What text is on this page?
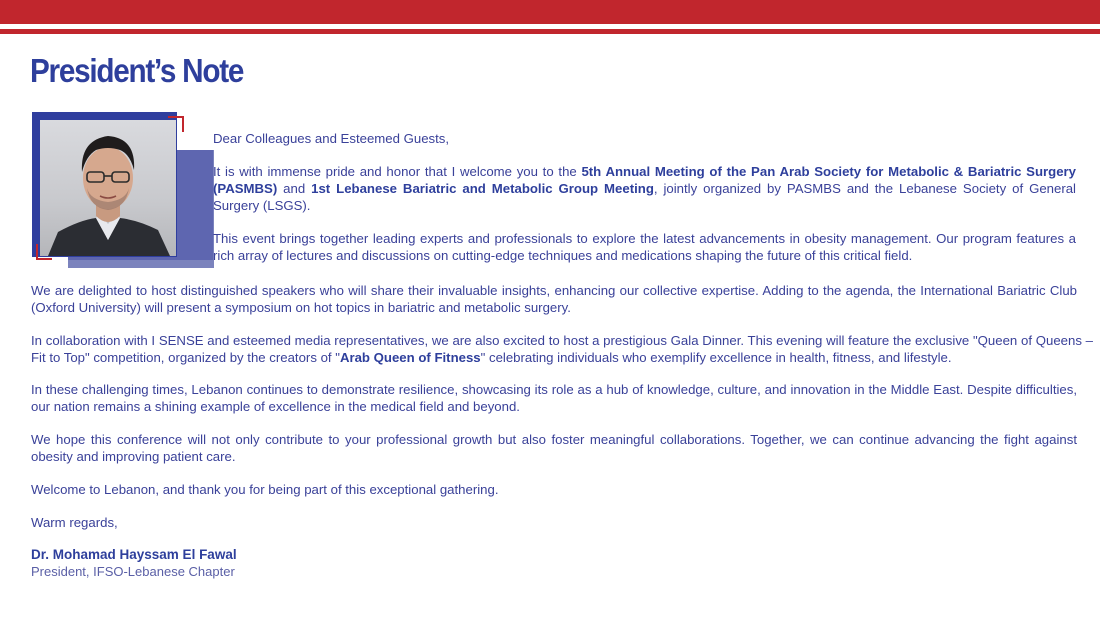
President’s Note

Dear Colleagues and Esteemed Guests,

It is with immense pride and honor that I welcome you to the 5th Annual Meeting of the Pan Arab Society for Metabolic & Bariatric Surgery (PASMBS) and 1st Lebanese Bariatric and Metabolic Group Meeting, jointly organized by PASMBS and the Lebanese Society of General Surgery (LSGS).

This event brings together leading experts and professionals to explore the latest advancements in obesity management. Our program features a rich array of lectures and discussions on cutting-edge techniques and medications shaping the future of this critical field.

We are delighted to host distinguished speakers who will share their invaluable insights, enhancing our collective expertise. Adding to the agenda, the International Bariatric Club (Oxford University) will present a symposium on hot topics in bariatric and metabolic surgery.

In collaboration with I SENSE and esteemed media representatives, we are also excited to host a prestigious Gala Dinner. This evening will feature the exclusive "Queen of Queens – Fit to Top" competition, organized by the creators of "Arab Queen of Fitness" celebrating individuals who exemplify excellence in health, fitness, and lifestyle.

In these challenging times, Lebanon continues to demonstrate resilience, showcasing its role as a hub of knowledge, culture, and innovation in the Middle East. Despite difficulties, our nation remains a shining example of excellence in the medical field and beyond.

We hope this conference will not only contribute to your professional growth but also foster meaningful collaborations. Together, we can continue advancing the fight against obesity and improving patient care.

Welcome to Lebanon, and thank you for being part of this exceptional gathering.

Warm regards,

Dr. Mohamad Hayssam El Fawal

President, IFSO-Lebanese Chapter
